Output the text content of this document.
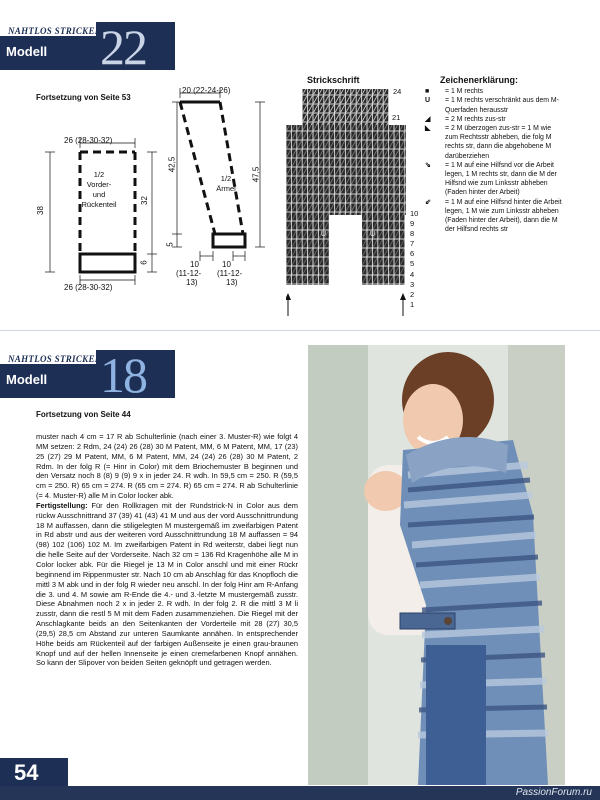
NAHTLOS STRICKEN
Modell 22
Fortsetzung von Seite 53
1/2
Vorder-
und
Rückenteil
26 (28-30-32)
26 (28-30-32)
38
32
6
1/2
Ärmel
20 (22-24-26)
42,5
47,5
5
10
(11-12-
13)
10
(11-12-
13)
Strickschrift
U	U
24
21
10
9
8
7
6
5
4
3
2
1
Zeichenerklärung:
■	= 1 M rechts
U	= 1 M rechts verschränkt aus dem M-Querfaden herausstr
◢	= 2 M rechts zus-str
◣	= 2 M überzogen zus-str = 1 M wie zum Rechtsstr abheben, die folg M rechts str, dann die abgehobene M darüberziehen
⇘	= 1 M auf eine Hilfsnd vor die Arbeit legen, 1 M rechts str, dann die M der Hilfsnd wie zum Linksstr abheben (Faden hinter der Arbeit)
⇙	= 1 M auf eine Hilfsnd hinter die Arbeit legen, 1 M wie zum Linksstr abheben (Faden hinter der Arbeit), dann die M der Hilfsnd rechts str
NAHTLOS STRICKEN
Modell 18
Fortsetzung von Seite 44

muster nach 4 cm = 17 R ab Schulterlinie (nach einer 3. Muster-R) wie folgt 4 MM setzen: 2 Rdm, 24 (24) 26 (28) 30 M Patent, MM, 6 M Patent, MM, 17 (23) 25 (27) 29 M Patent, MM, 6 M Patent, MM, 24 (24) 26 (28) 30 M Patent, 2 Rdm. In der folg R (= Hinr in Color) mit dem Briochemuster B beginnen und den Versatz noch 8 (8) 9 (9) 9 x in jeder 24. R wdh. In 59,5 cm = 250. R (59,5 cm = 250. R) 65 cm = 274. R (65 cm = 274. R) 65 cm = 274. R ab Schulterlinie (= 4. Muster-R) alle M in Color locker abk.

Fertigstellung: Für den Rollkragen mit der Rundstrick-N in Color aus dem rückw Ausschnittrand 37 (39) 41 (43) 41 M und aus der vord Ausschnittrundung 18 M auffassen, dann die stiligelegten M mustergemäß im zweifarbigen Patent in Rd abstr und aus der weiteren vord Ausschnittrundung 18 M auffassen = 94 (98) 102 (106) 102 M. Im zweifarbigen Patent in Rd weiterstr, dabei liegt nun die helle Seite auf der Vorderseite. Nach 32 cm = 136 Rd Kragenhöhe alle M in Color locker abk. Für die Riegel je 13 M in Color anschl und mit einer Rückr beginnend im Rippenmuster str. Nach 10 cm ab Anschlag für das Knopfloch die mittl 3 M abk und in der folg R wieder neu anschl. In der folg Hinr am R-Anfang die 3. und 4. M sowie am R-Ende die 4.- und 3.-letzte M mustergemäß zusstr. Diese Abnahmen noch 2 x in jeder 2. R wdh. In der folg 2. R die mittl 3 M li zusstr, dann die restl 5 M mit dem Faden zusammenziehen. Die Riegel mit der Anschlagkante beids an den Seitenkanten der Vorderteile mit 28 (27) 30,5 (29,5) 28,5 cm Abstand zur unteren Saumkante annähen. In entsprechender Höhe beids am Rückenteil auf der farbigen Außenseite je einen grau-braunen Knopf und auf der hellen Innenseite je einen cremefarbenen Knopf annähen. So kann der Slipover von beiden Seiten geknöpft und getragen werden.

54
PassionForum.ru
